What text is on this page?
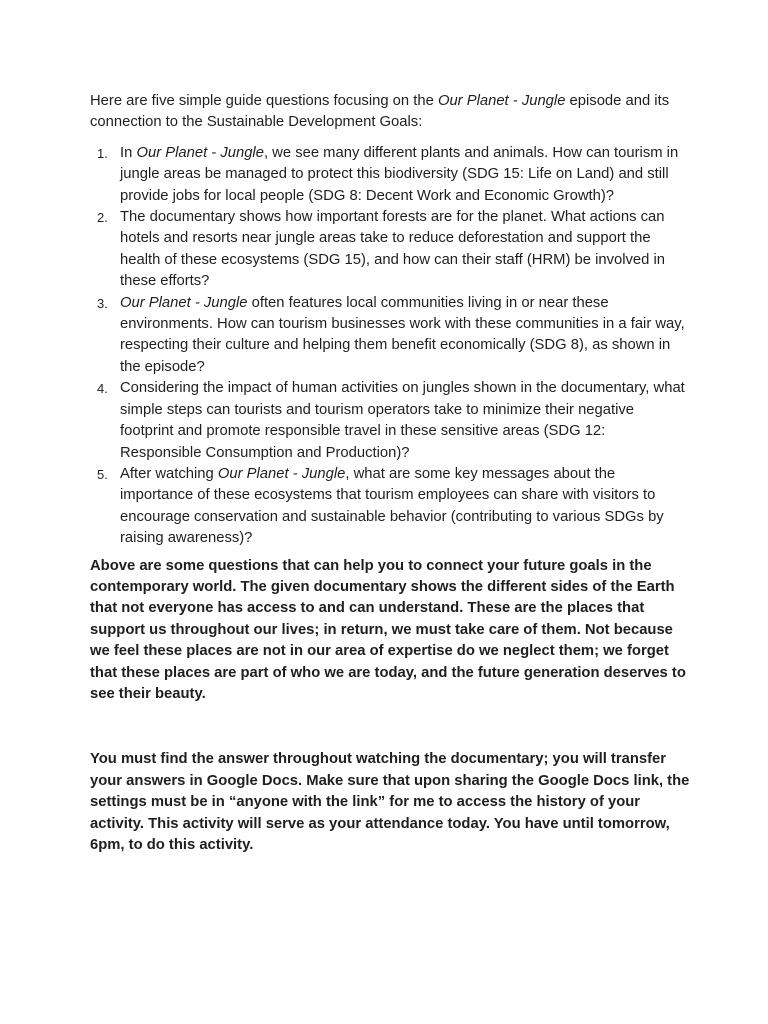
Here are five simple guide questions focusing on the Our Planet - Jungle episode and its connection to the Sustainable Development Goals:

1. In Our Planet - Jungle, we see many different plants and animals. How can tourism in jungle areas be managed to protect this biodiversity (SDG 15: Life on Land) and still provide jobs for local people (SDG 8: Decent Work and Economic Growth)?
2. The documentary shows how important forests are for the planet. What actions can hotels and resorts near jungle areas take to reduce deforestation and support the health of these ecosystems (SDG 15), and how can their staff (HRM) be involved in these efforts?
3. Our Planet - Jungle often features local communities living in or near these environments. How can tourism businesses work with these communities in a fair way, respecting their culture and helping them benefit economically (SDG 8), as shown in the episode?
4. Considering the impact of human activities on jungles shown in the documentary, what simple steps can tourists and tourism operators take to minimize their negative footprint and promote responsible travel in these sensitive areas (SDG 12: Responsible Consumption and Production)?
5. After watching Our Planet - Jungle, what are some key messages about the importance of these ecosystems that tourism employees can share with visitors to encourage conservation and sustainable behavior (contributing to various SDGs by raising awareness)?

Above are some questions that can help you to connect your future goals in the contemporary world. The given documentary shows the different sides of the Earth that not everyone has access to and can understand. These are the places that support us throughout our lives; in return, we must take care of them. Not because we feel these places are not in our area of expertise do we neglect them; we forget that these places are part of who we are today, and the future generation deserves to see their beauty.

You must find the answer throughout watching the documentary; you will transfer your answers in Google Docs. Make sure that upon sharing the Google Docs link, the settings must be in “anyone with the link” for me to access the history of your activity. This activity will serve as your attendance today. You have until tomorrow, 6pm, to do this activity.
